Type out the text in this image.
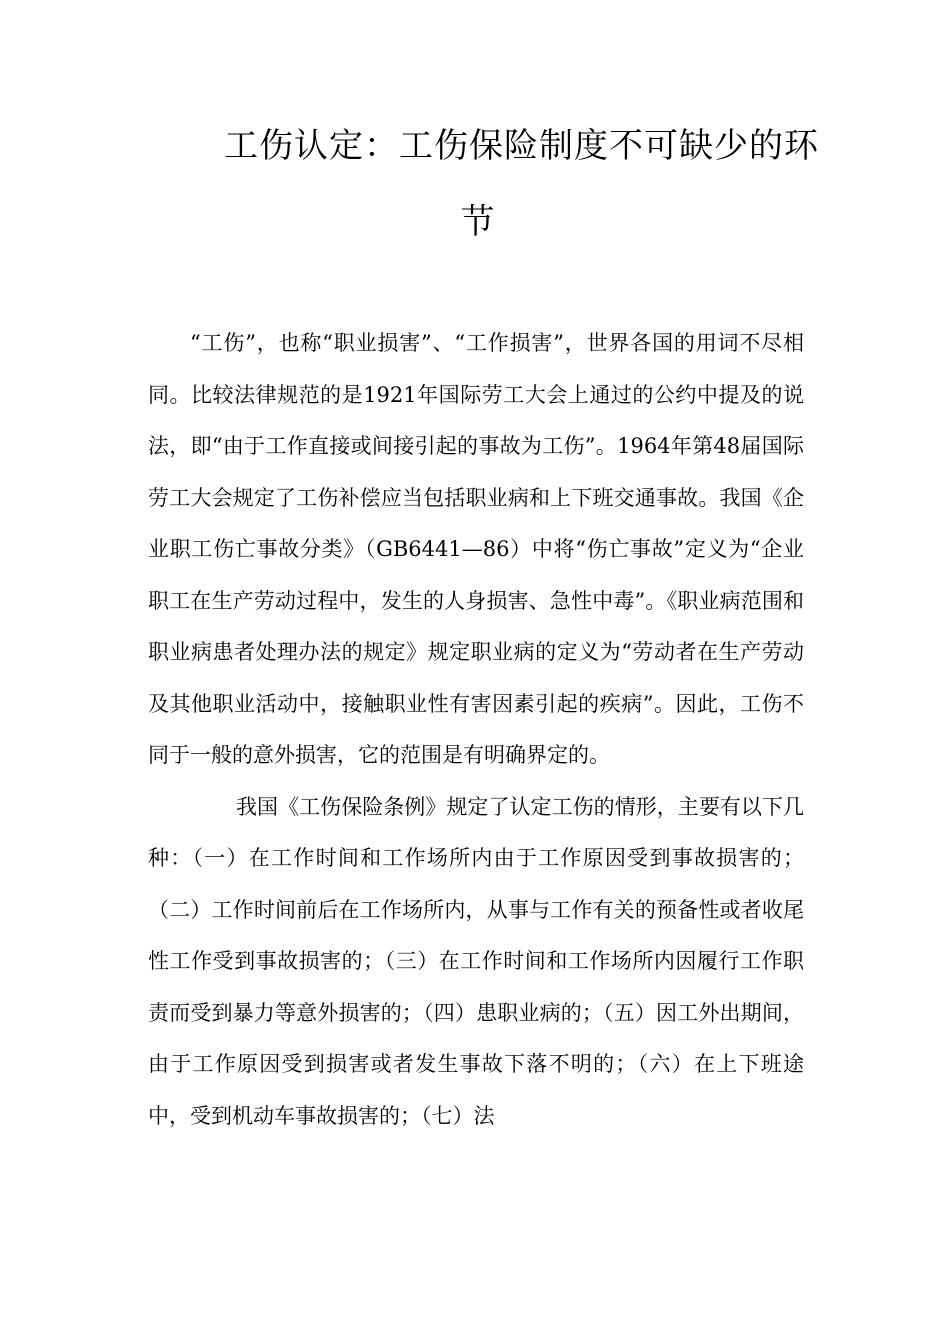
工伤认定：工伤保险制度不可缺少的环
节

“工伤”，也称“职业损害”、“工作损害”，世界各国的用词不尽相同。比较法律规范的是1921年国际劳工大会上通过的公约中提及的说法，即“由于工作直接或间接引起的事故为工伤”。1964年第48届国际劳工大会规定了工伤补偿应当包括职业病和上下班交通事故。我国《企业职工伤亡事故分类》（GB6441—86）中将“伤亡事故”定义为“企业职工在生产劳动过程中，发生的人身损害、急性中毒”。《职业病范围和职业病患者处理办法的规定》规定职业病的定义为“劳动者在生产劳动及其他职业活动中，接触职业性有害因素引起的疾病”。因此，工伤不同于一般的意外损害，它的范围是有明确界定的。

我国《工伤保险条例》规定了认定工伤的情形，主要有以下几种：（一）在工作时间和工作场所内由于工作原因受到事故损害的；（二）工作时间前后在工作场所内，从事与工作有关的预备性或者收尾性工作受到事故损害的；（三）在工作时间和工作场所内因履行工作职责而受到暴力等意外损害的；（四）患职业病的；（五）因工外出期间，由于工作原因受到损害或者发生事故下落不明的；（六）在上下班途中，受到机动车事故损害的；（七）法
